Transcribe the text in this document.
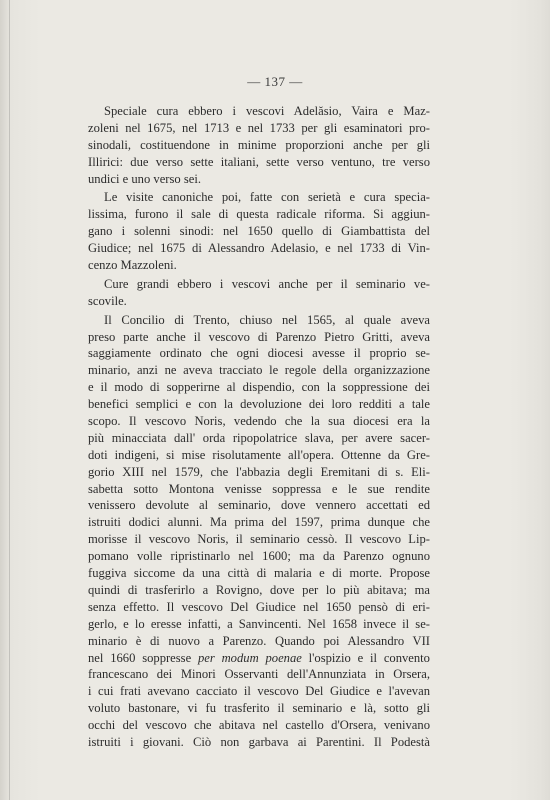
— 137 —
Speciale cura ebbero i vescovi Adelăsio, Vaira e Maz-
zoleni nel 1675, nel 1713 e nel 1733 per gli esaminatori pro-
sinodali, costituendone in minime proporzioni anche per gli
Illirici: due verso sette italiani, sette verso ventuno, tre verso
undici e uno verso sei.
Le visite canoniche poi, fatte con serietà e cura specia-
lissima, furono il sale di questa radicale riforma. Si aggiun-
gano i solenni sinodi: nel 1650 quello di Giambattista del
Giudice; nel 1675 di Alessandro Adelasio, e nel 1733 di Vin-
cenzo Mazzoleni.
Cure grandi ebbero i vescovi anche per il seminario ve-
scovile.
Il Concilio di Trento, chiuso nel 1565, al quale aveva
preso parte anche il vescovo di Parenzo Pietro Gritti, aveva
saggiamente ordinato che ogni diocesi avesse il proprio se-
minario, anzi ne aveva tracciato le regole della organizzazione
e il modo di sopperirne al dispendio, con la soppressione dei
benefici semplici e con la devoluzione dei loro redditi a tale
scopo. Il vescovo Noris, vedendo che la sua diocesi era la
più minacciata dall' orda ripopolatrice slava, per avere sacer-
doti indigeni, si mise risolutamente all'opera. Ottenne da Gre-
gorio XIII nel 1579, che l'abbazia degli Eremitani di s. Eli-
sabetta sotto Montona venisse soppressa e le sue rendite
venissero devolute al seminario, dove vennero accettati ed
istruiti dodici alunni. Ma prima del 1597, prima dunque che
morisse il vescovo Noris, il seminario cessò. Il vescovo Lip-
pomano volle ripristinarlo nel 1600; ma da Parenzo ognuno
fuggiva siccome da una città di malaria e di morte. Propose
quindi di trasferirlo a Rovigno, dove per lo più abitava; ma
senza effetto. Il vescovo Del Giudice nel 1650 pensò di eri-
gerlo, e lo eresse infatti, a Sanvincenti. Nel 1658 invece il se-
minario è di nuovo a Parenzo. Quando poi Alessandro VII
nel 1660 soppresse per modum poenae l'ospizio e il convento
francescano dei Minori Osservanti dell'Annunziata in Orsera,
i cui frati avevano cacciato il vescovo Del Giudice e l'avevan
voluto bastonare, vi fu trasferito il seminario e là, sotto gli
occhi del vescovo che abitava nel castello d'Orsera, venivano
istruiti i giovani. Ciò non garbava ai Parentini. Il Podestà
